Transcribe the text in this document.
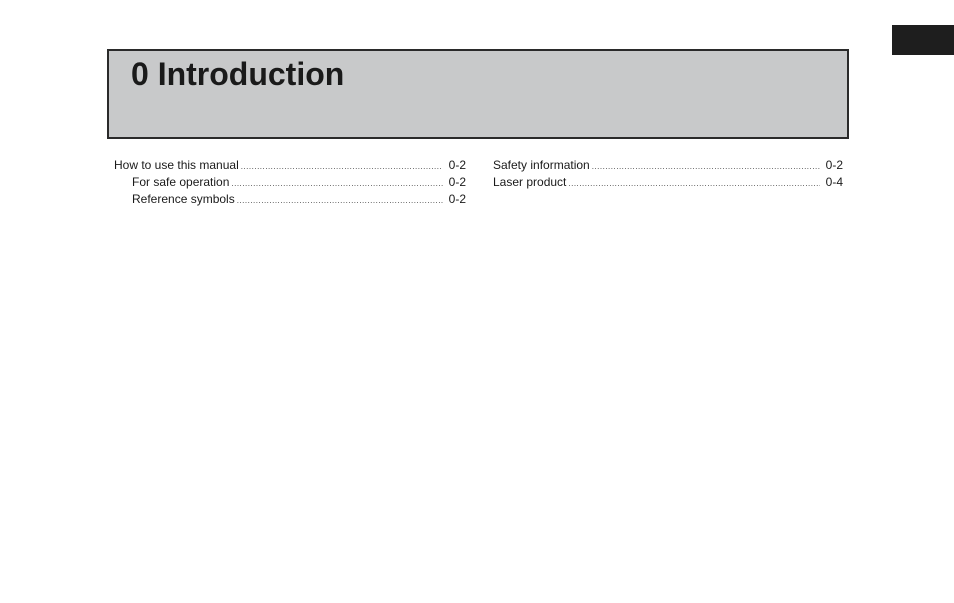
0 Introduction
How to use this manual .....	0-2
For safe operation .....	0-2
Reference symbols .....	0-2
Safety information .....	0-2
Laser product .....	0-4
